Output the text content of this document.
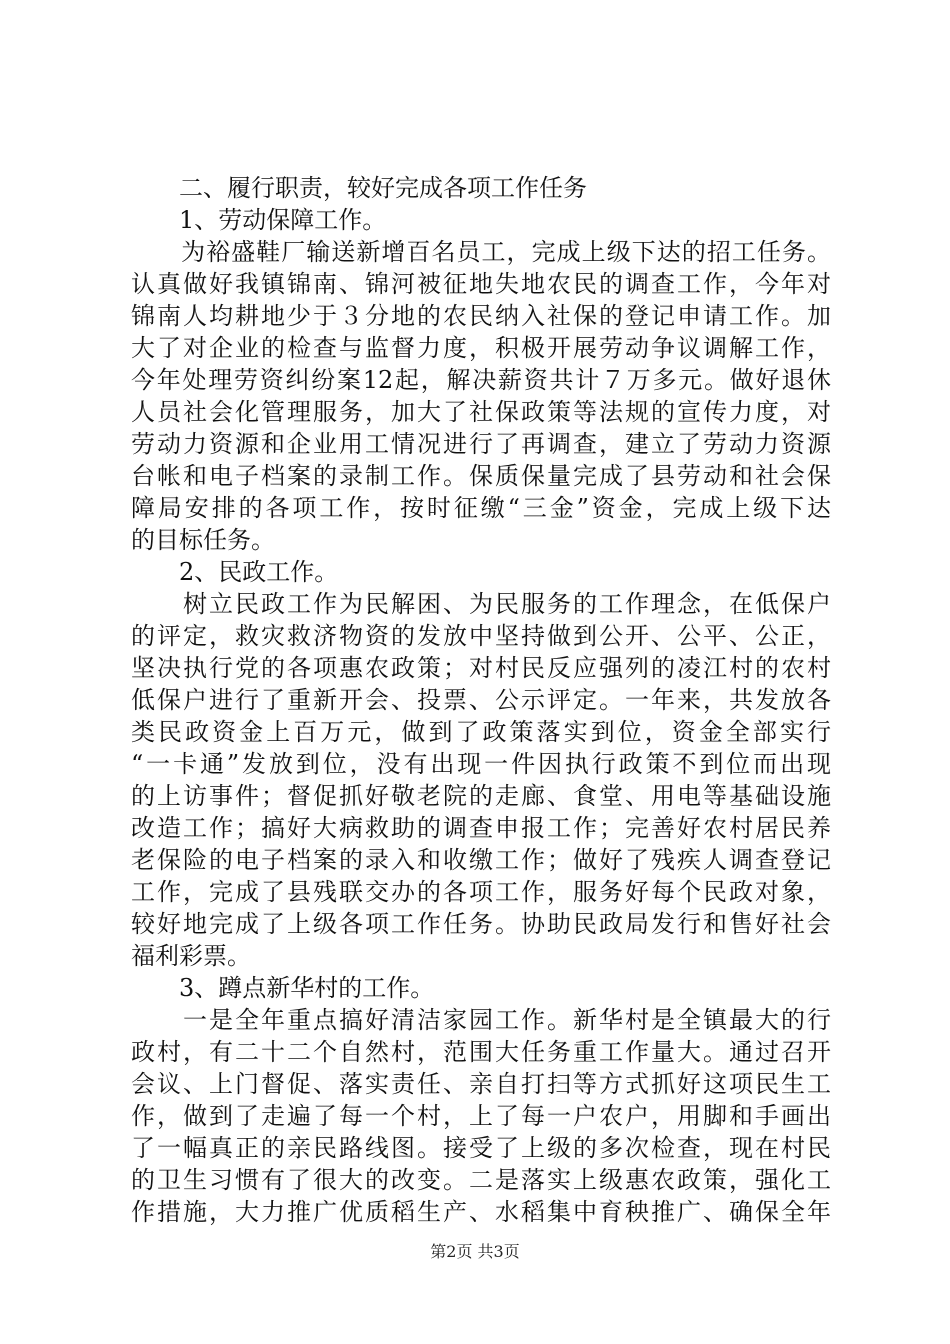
　　二、履行职责，较好完成各项工作任务
　　1、劳动保障工作。
　　为裕盛鞋厂输送新增百名员工，完成上级下达的招工任务。
认真做好我镇锦南、锦河被征地失地农民的调查工作，今年对
锦南人均耕地少于３分地的农民纳入社保的登记申请工作。加
大了对企业的检查与监督力度，积极开展劳动争议调解工作，
今年处理劳资纠纷案12起，解决薪资共计７万多元。做好退休
人员社会化管理服务，加大了社保政策等法规的宣传力度，对
劳动力资源和企业用工情况进行了再调查，建立了劳动力资源
台帐和电子档案的录制工作。保质保量完成了县劳动和社会保
障局安排的各项工作，按时征缴“三金”资金，完成上级下达
的目标任务。
　　2、民政工作。
　　树立民政工作为民解困、为民服务的工作理念，在低保户
的评定，救灾救济物资的发放中坚持做到公开、公平、公正，
坚决执行党的各项惠农政策；对村民反应强列的凌江村的农村
低保户进行了重新开会、投票、公示评定。一年来，共发放各
类民政资金上百万元，做到了政策落实到位，资金全部实行
“一卡通”发放到位，没有出现一件因执行政策不到位而出现
的上访事件；督促抓好敬老院的走廊、食堂、用电等基础设施
改造工作；搞好大病救助的调查申报工作；完善好农村居民养
老保险的电子档案的录入和收缴工作；做好了残疾人调查登记
工作，完成了县残联交办的各项工作，服务好每个民政对象，
较好地完成了上级各项工作任务。协助民政局发行和售好社会
福利彩票。
　　3、蹲点新华村的工作。
　　一是全年重点搞好清洁家园工作。新华村是全镇最大的行
政村，有二十二个自然村，范围大任务重工作量大。通过召开
会议、上门督促、落实责任、亲自打扫等方式抓好这项民生工
作，做到了走遍了每一个村，上了每一户农户，用脚和手画出
了一幅真正的亲民路线图。接受了上级的多次检查，现在村民
的卫生习惯有了很大的改变。二是落实上级惠农政策，强化工
作措施，大力推广优质稻生产、水稻集中育秧推广、确保全年
第2页 共3页
